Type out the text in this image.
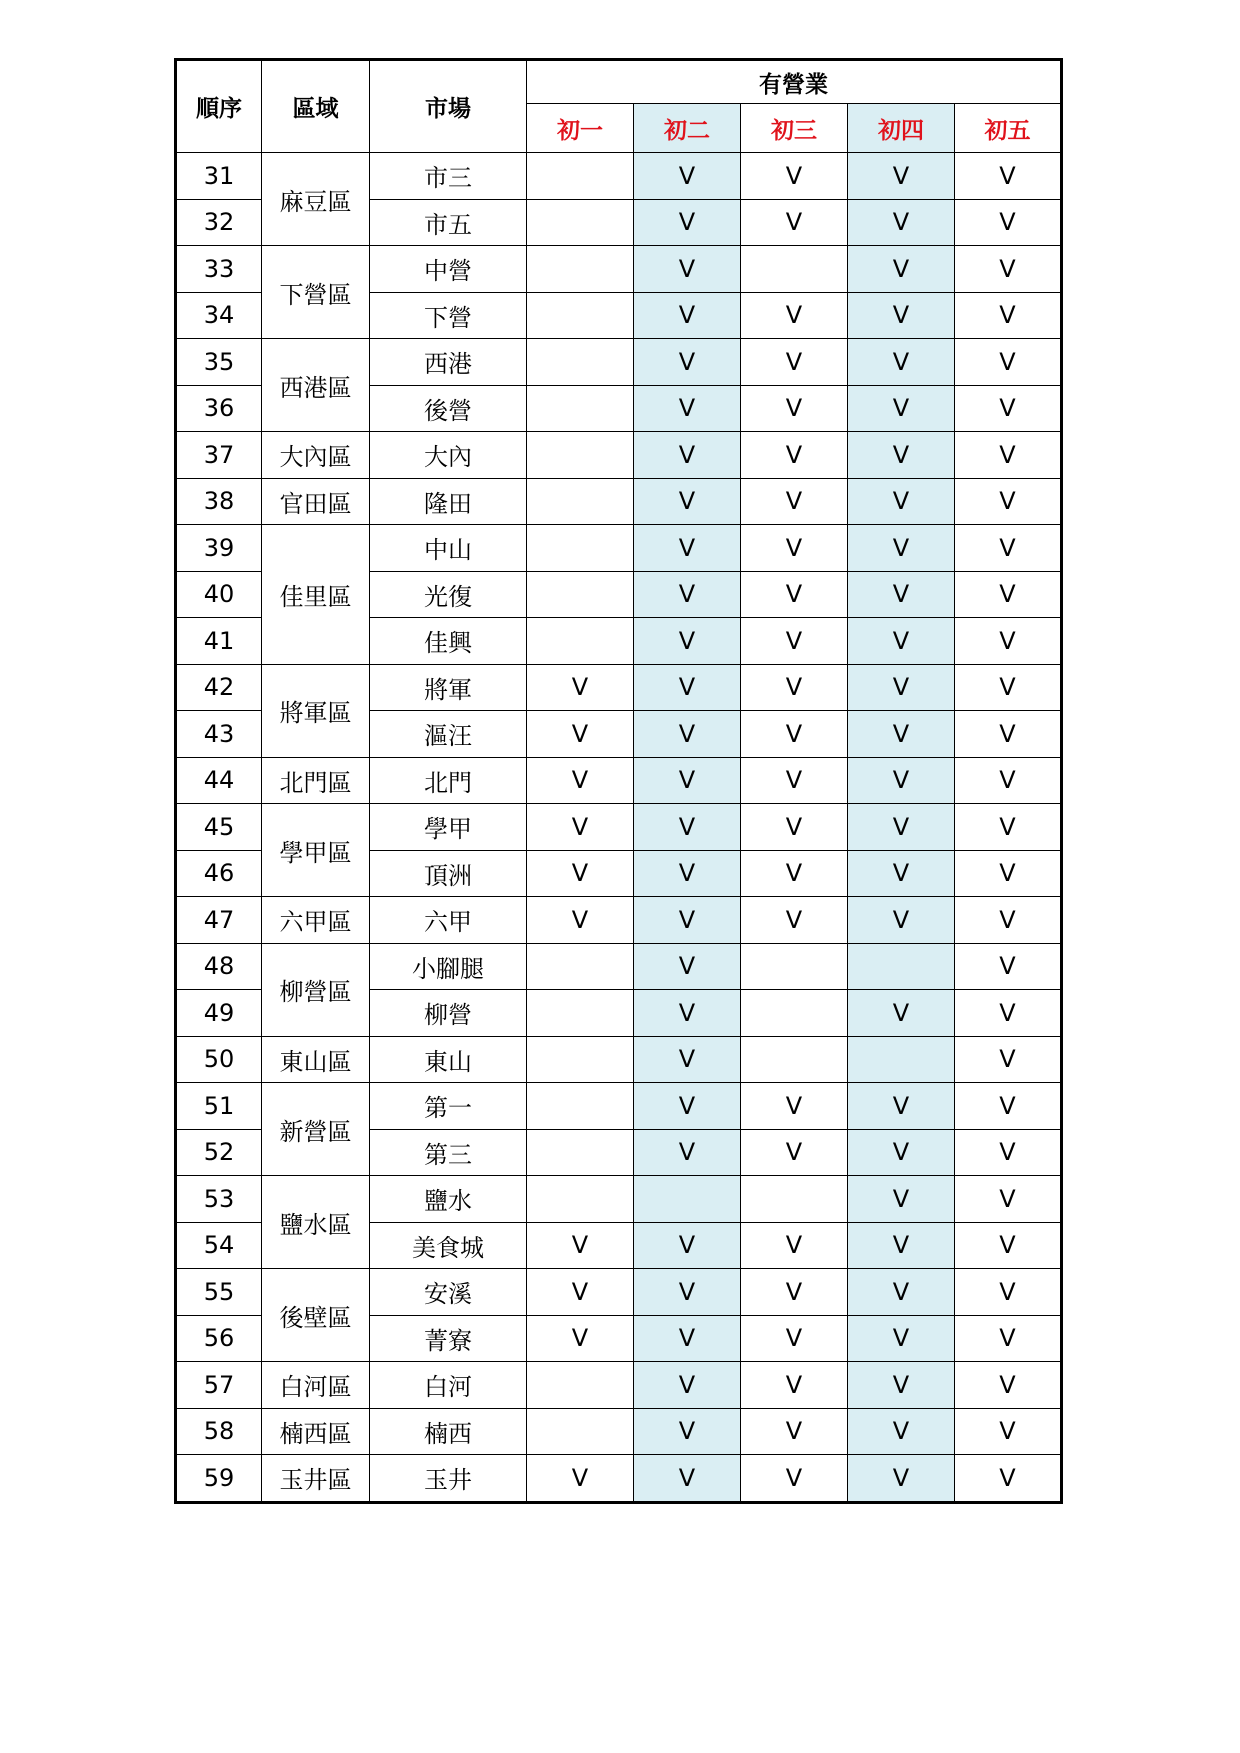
順序	區域	市場	有營業				
			初一	初二	初三	初四	初五
31	麻豆區	市三		V	V	V	V
32		市五		V	V	V	V
33	下營區	中營		V		V	V
34		下營		V	V	V	V
35	西港區	西港		V	V	V	V
36		後營		V	V	V	V
37	大內區	大內		V	V	V	V
38	官田區	隆田		V	V	V	V
39	佳里區	中山		V	V	V	V
40		光復		V	V	V	V
41		佳興		V	V	V	V
42	將軍區	將軍	V	V	V	V	V
43		漚汪	V	V	V	V	V
44	北門區	北門	V	V	V	V	V
45	學甲區	學甲	V	V	V	V	V
46		頂洲	V	V	V	V	V
47	六甲區	六甲	V	V	V	V	V
48	柳營區	小腳腿		V			V
49		柳營		V		V	V
50	東山區	東山		V			V
51	新營區	第一		V	V	V	V
52		第三		V	V	V	V
53	鹽水區	鹽水				V	V
54		美食城	V	V	V	V	V
55	後壁區	安溪	V	V	V	V	V
56		菁寮	V	V	V	V	V
57	白河區	白河		V	V	V	V
58	楠西區	楠西		V	V	V	V
59	玉井區	玉井	V	V	V	V	V
